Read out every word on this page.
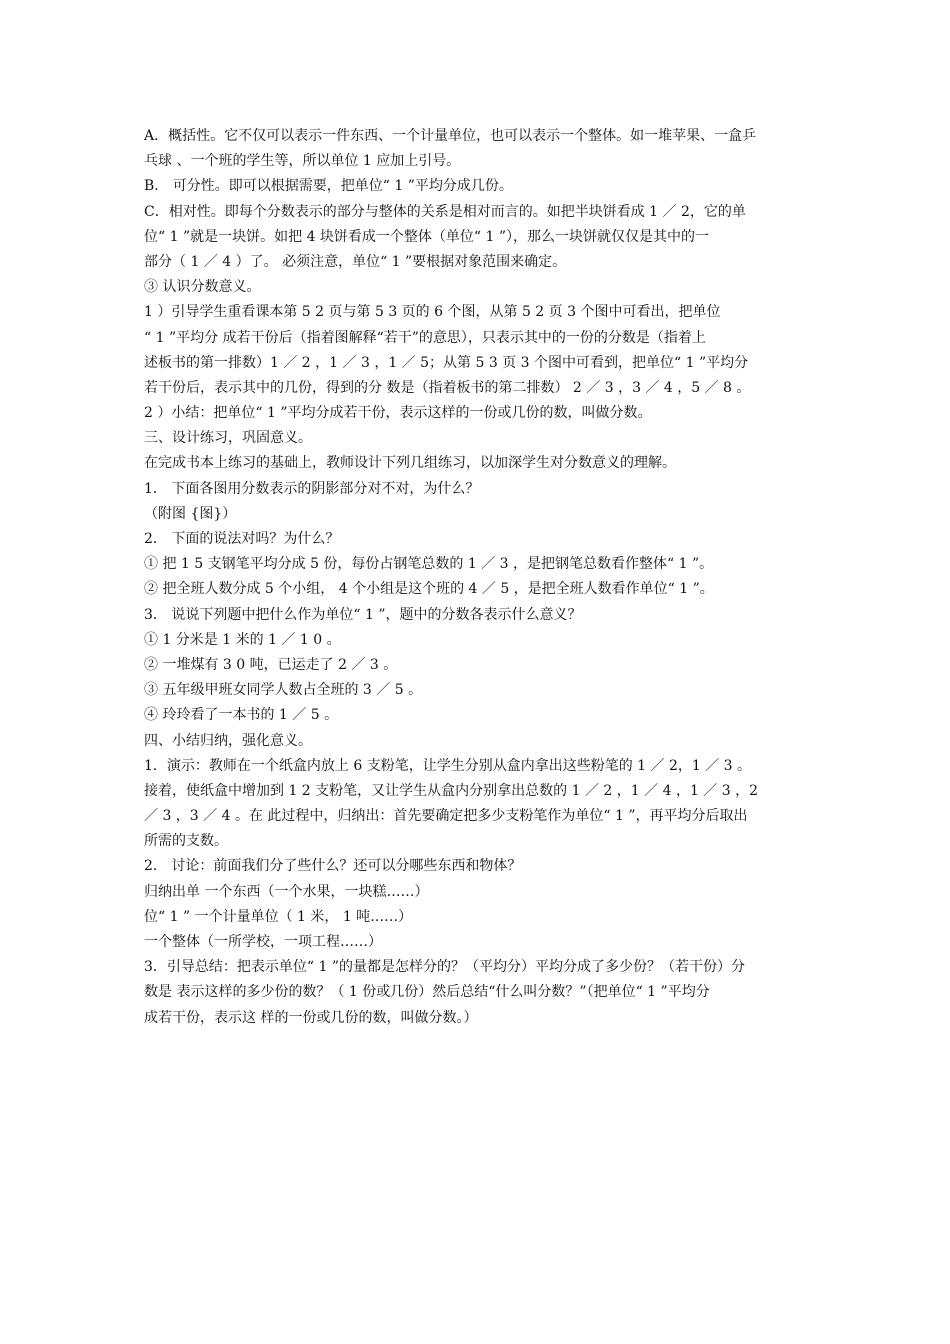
A．概括性。它不仅可以表示一件东西、一个计量单位，也可以表示一个整体。如一堆苹果、一盒乒
乓球 、一个班的学生等，所以单位 1 应加上引号。
B． 可分性。即可以根据需要，把单位“ 1 ”平均分成几份。
C．相对性。即每个分数表示的部分与整体的关系是相对而言的。如把半块饼看成 1 ／ 2，它的单
位“ 1 ”就是一块饼。如把 4 块饼看成一个整体（单位“ 1 ”），那么一块饼就仅仅是其中的一
部分（ 1 ／ 4 ）了。 必须注意，单位“ 1 ”要根据对象范围来确定。
③ 认识分数意义。
1 ）引导学生重看课本第 5 2 页与第 5 3 页的 6 个图，从第 5 2 页 3 个图中可看出，把单位
“ 1 ”平均分 成若干份后（指着图解释“若干”的意思），只表示其中的一份的分数是（指着上
述板书的第一排数）1 ／ 2 ，1 ／ 3 ，1 ／ 5；从第 5 3 页 3 个图中可看到，把单位“ 1 ”平均分
若干份后，表示其中的几份，得到的分 数是（指着板书的第二排数） 2 ／ 3 ，3 ／ 4 ，5 ／ 8 。
2 ）小结：把单位“ 1 ”平均分成若干份，表示这样的一份或几份的数，叫做分数。
三、设计练习，巩固意义。
在完成书本上练习的基础上，教师设计下列几组练习，以加深学生对分数意义的理解。
1． 下面各图用分数表示的阴影部分对不对，为什么？
（附图 {图}）
2． 下面的说法对吗？为什么？
① 把 1 5 支钢笔平均分成 5 份，每份占钢笔总数的 1 ／ 3 ，是把钢笔总数看作整体“ 1 ”。
② 把全班人数分成 5 个小组， 4 个小组是这个班的 4 ／ 5 ，是把全班人数看作单位“ 1 ”。
3． 说说下列题中把什么作为单位“ 1 ”，题中的分数各表示什么意义？
① 1 分米是 1 米的 1 ／ 1 0 。
② 一堆煤有 3 0 吨，已运走了 2 ／ 3 。
③ 五年级甲班女同学人数占全班的 3 ／ 5 。
④ 玲玲看了一本书的 1 ／ 5 。
四、小结归纳，强化意义。
1．演示：教师在一个纸盒内放上 6 支粉笔，让学生分别从盒内拿出这些粉笔的 1 ／ 2，1 ／ 3 。
接着，使纸盒中增加到 1 2 支粉笔，又让学生从盒内分别拿出总数的 1 ／ 2 ，1 ／ 4 ，1 ／ 3 ，2
／ 3 ，3 ／ 4 。在 此过程中，归纳出：首先要确定把多少支粉笔作为单位“ 1 ”，再平均分后取出
所需的支数。
2． 讨论：前面我们分了些什么？还可以分哪些东西和物体？
归纳出单 一个东西（一个水果，一块糕……）
位“ 1 ” 一个计量单位（ 1 米， 1 吨……）
一个整体（一所学校，一项工程……）
3．引导总结：把表示单位“ 1 ”的量都是怎样分的？（平均分）平均分成了多少份？（若干份）分
数是 表示这样的多少份的数？（ 1 份或几份）然后总结“什么叫分数？”（把单位“ 1 ”平均分
成若干份，表示这 样的一份或几份的数，叫做分数。）
